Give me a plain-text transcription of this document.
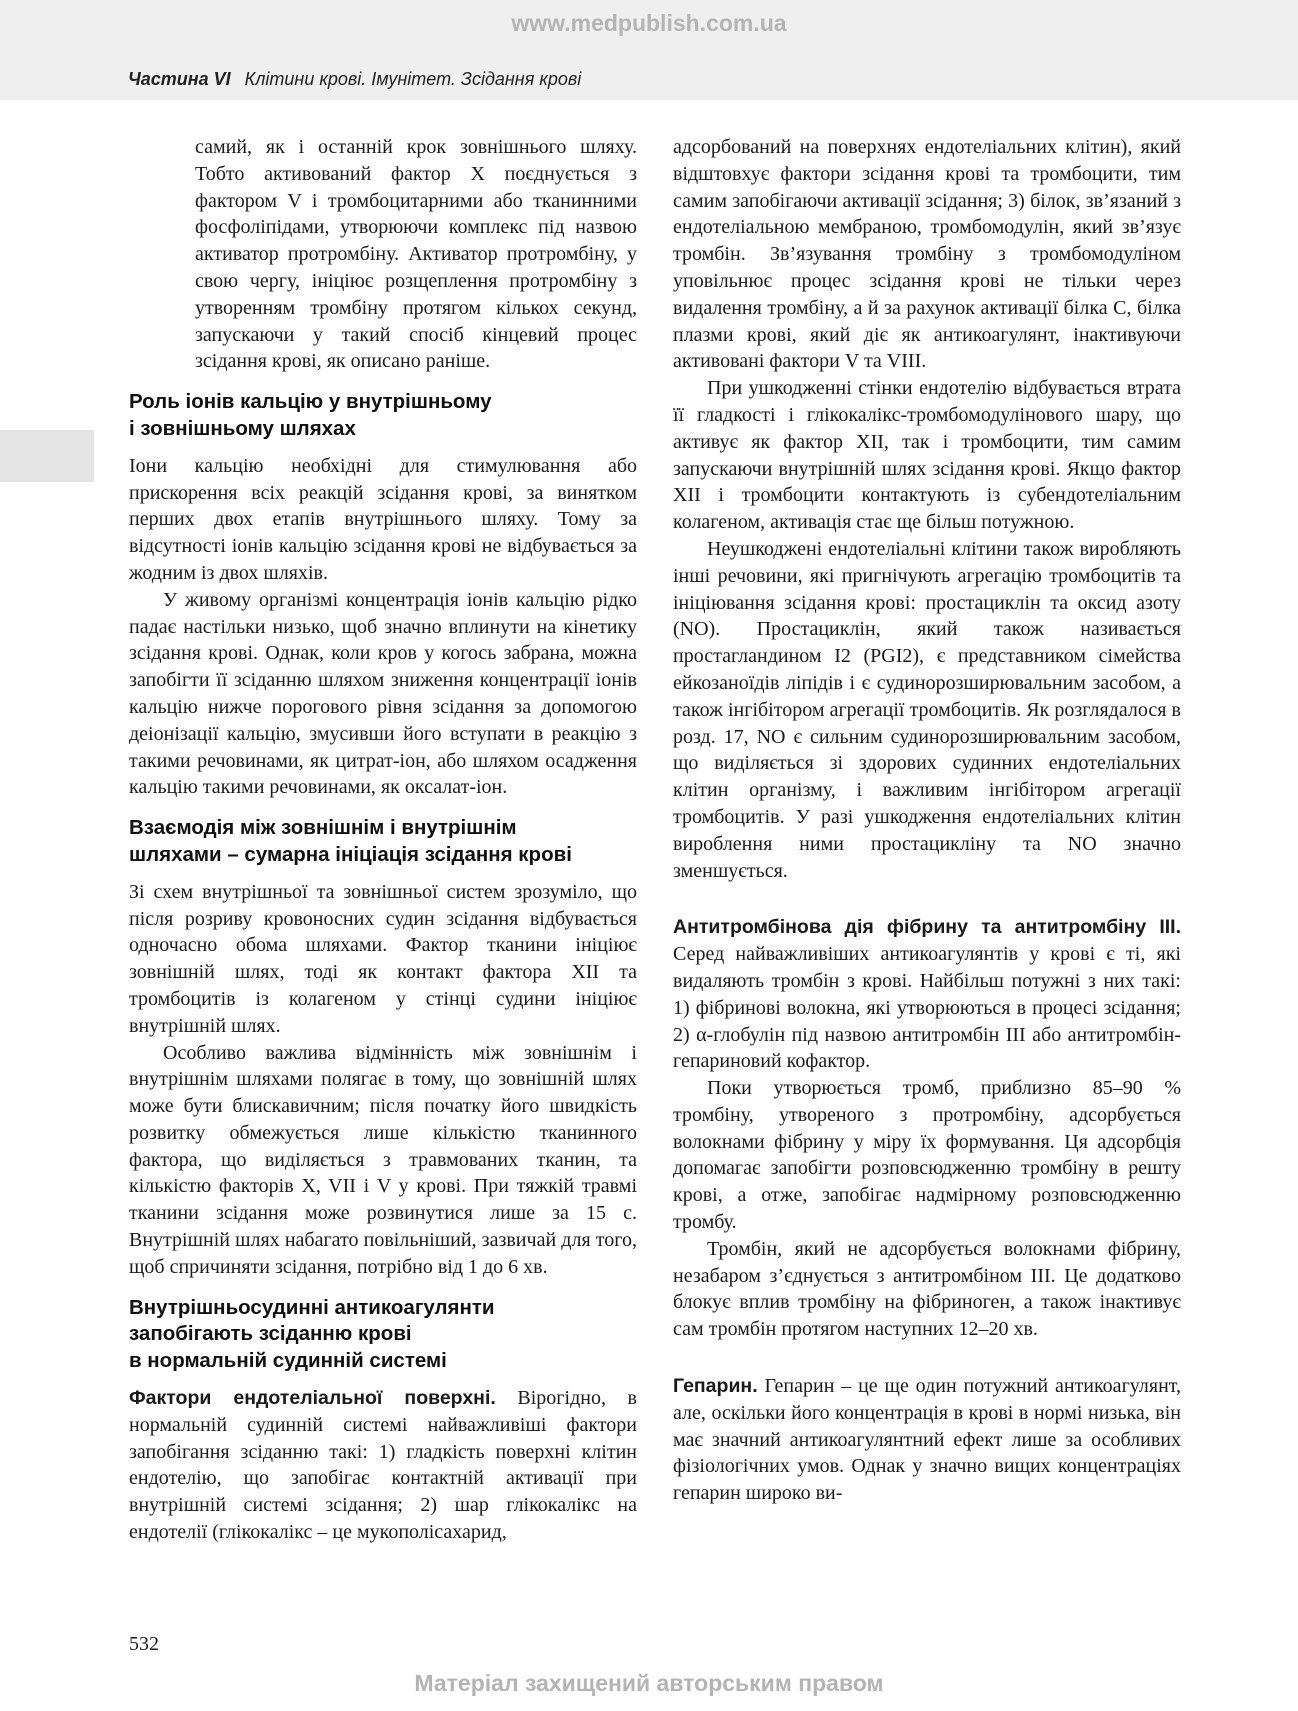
www.medpublish.com.ua
Частина VI Клітини крові. Імунітет. Зсідання крові

самий, як і останній крок зовнішнього шляху. Тобто активований фактор X поєднується з фактором V і тромбоцитарними або тканинними фосфоліпідами, утворюючи комплекс під назвою активатор протромбіну. Активатор протромбіну, у свою чергу, ініціює розщеплення протромбіну з утворенням тромбіну протягом кількох секунд, запускаючи у такий спосіб кінцевий процес зсідання крові, як описано раніше.

Роль іонів кальцію у внутрішньому
і зовнішньому шляхах

Іони кальцію необхідні для стимулювання або прискорення всіх реакцій зсідання крові, за винятком перших двох етапів внутрішнього шляху. Тому за відсутності іонів кальцію зсідання крові не відбувається за жодним із двох шляхів.

У живому організмі концентрація іонів кальцію рідко падає настільки низько, щоб значно вплинути на кінетику зсідання крові. Однак, коли кров у когось забрана, можна запобігти її зсіданню шляхом зниження концентрації іонів кальцію нижче порогового рівня зсідання за допомогою деіонізації кальцію, змусивши його вступати в реакцію з такими речовинами, як цитрат-іон, або шляхом осадження кальцію такими речовинами, як оксалат-іон.

Взаємодія між зовнішнім і внутрішнім
шляхами – сумарна ініціація зсідання крові

Зі схем внутрішньої та зовнішньої систем зрозуміло, що після розриву кровоносних судин зсідання відбувається одночасно обома шляхами. Фактор тканини ініціює зовнішній шлях, тоді як контакт фактора XII та тромбоцитів із колагеном у стінці судини ініціює внутрішній шлях.

Особливо важлива відмінність між зовнішнім і внутрішнім шляхами полягає в тому, що зовнішній шлях може бути блискавичним; після початку його швидкість розвитку обмежується лише кількістю тканинного фактора, що виділяється з травмованих тканин, та кількістю факторів X, VII і V у крові. При тяжкій травмі тканини зсідання може розвинутися лише за 15 с. Внутрішній шлях набагато повільніший, зазвичай для того, щоб спричиняти зсідання, потрібно від 1 до 6 хв.

Внутрішньосудинні антикоагулянти
запобігають зсіданню крові
в нормальній судинній системі

Фактори ендотеліальної поверхні. Вірогідно, в нормальній судинній системі найважливіші фактори запобігання зсіданню такі: 1) гладкість поверхні клітин ендотелію, що запобігає контактній активації при внутрішній системі зсідання; 2) шар глікокалікс на ендотелії (глікокалікс – це мукополісахарид,

адсорбований на поверхнях ендотеліальних клітин), який відштовхує фактори зсідання крові та тромбоцити, тим самим запобігаючи активації зсідання; 3) білок, зв’язаний з ендотеліальною мембраною, тромбомодулін, який зв’язує тромбін. Зв’язування тромбіну з тромбомодуліном уповільнює процес зсідання крові не тільки через видалення тромбіну, а й за рахунок активації білка C, білка плазми крові, який діє як антикоагулянт, інактивуючи активовані фактори V та VIII.

При ушкодженні стінки ендотелію відбувається втрата її гладкості і глікокалікс-тромбомодулінового шару, що активує як фактор XII, так і тромбоцити, тим самим запускаючи внутрішній шлях зсідання крові. Якщо фактор XII і тромбоцити контактують із субендотеліальним колагеном, активація стає ще більш потужною.

Неушкоджені ендотеліальні клітини також виробляють інші речовини, які пригнічують агрегацію тромбоцитів та ініціювання зсідання крові: простациклін та оксид азоту (NO). Простациклін, який також називається простагландином I2 (PGI2), є представником сімейства ейкозаноїдів ліпідів і є судинорозширювальним засобом, а також інгібітором агрегації тромбоцитів. Як розглядалося в розд. 17, NO є сильним судинорозширювальним засобом, що виділяється зі здорових судинних ендотеліальних клітин організму, і важливим інгібітором агрегації тромбоцитів. У разі ушкодження ендотеліальних клітин вироблення ними простацикліну та NO значно зменшується.

Антитромбінова дія фібрину та антитромбіну III. Серед найважливіших антикоагулянтів у крові є ті, які видаляють тромбін з крові. Найбільш потужні з них такі: 1) фібринові волокна, які утворюються в процесі зсідання; 2) α-глобулін під назвою антитромбін III або антитромбін-гепариновий кофактор.

Поки утворюється тромб, приблизно 85–90 % тромбіну, утвореного з протромбіну, адсорбується волокнами фібрину у міру їх формування. Ця адсорбція допомагає запобігти розповсюдженню тромбіну в решту крові, а отже, запобігає надмірному розповсюдженню тромбу.

Тромбін, який не адсорбується волокнами фібрину, незабаром з’єднується з антитромбіном III. Це додатково блокує вплив тромбіну на фібриноген, а також інактивує сам тромбін протягом наступних 12–20 хв.

Гепарин. Гепарин – це ще один потужний антикоагулянт, але, оскільки його концентрація в крові в нормі низька, він має значний антикоагулянтний ефект лише за особливих фізіологічних умов. Однак у значно вищих концентраціях гепарин широко ви-

532
Матеріал захищений авторським правом
